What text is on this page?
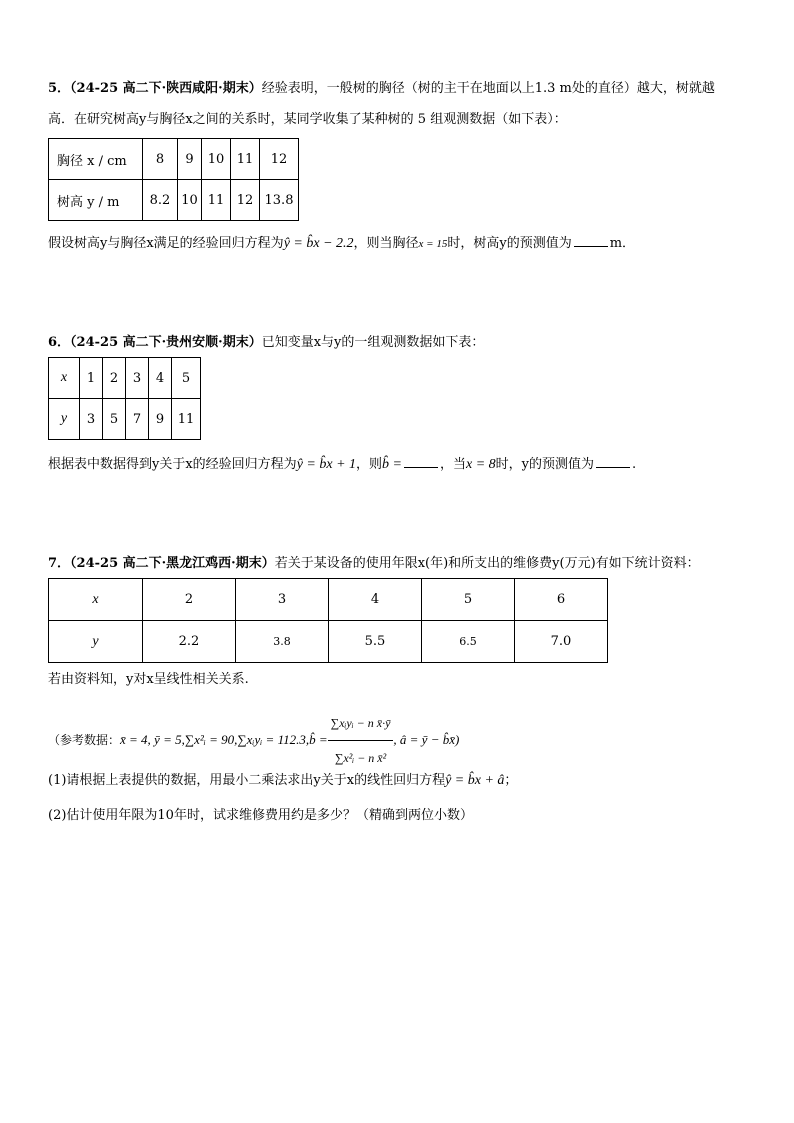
5．（24-25 高二下·陕西咸阳·期末）经验表明，一般树的胸径（树的主干在地面以上1.3 m处的直径）越大，树就越
高．在研究树高y与胸径x之间的关系时，某同学收集了某种树的 5 组观测数据（如下表）：
胸径 x / cm	8	9	10	11	12
树高 y / m	8.2	10	11	12	13.8
假设树高y与胸径x满足的经验回归方程为ŷ = b̂x − 2.2，则当胸径x = 15时，树高y的预测值为	m．
6．（24-25 高二下·贵州安顺·期末）已知变量x与y的一组观测数据如下表：
x	1	2	3	4	5
y	3	5	7	9	11
根据表中数据得到y关于x的经验回归方程为ŷ = b̂x + 1，则b̂ =	，当x = 8时，y的预测值为	.
7．（24-25 高二下·黑龙江鸡西·期末）若关于某设备的使用年限x(年)和所支出的维修费y(万元)有如下统计资料：
x	2	3	4	5	6
y	2.2	3.8	5.5	6.5	7.0
若由资料知，y对x呈线性相关关系.
（参考数据：x̄ = 4, ȳ = 5,∑x²ᵢ = 90,∑xᵢyᵢ = 112.3,b̂ = $\frac{\text{∑xᵢyᵢ − n x̄·ȳ}}{\text{∑x²ᵢ − n x̄²}}$ , â = ȳ − b̂x̄)
(1)请根据上表提供的数据，用最小二乘法求出y关于x的线性回归方程ŷ = b̂x + â；
(2)估计使用年限为10年时，试求维修费用约是多少？（精确到两位小数）
